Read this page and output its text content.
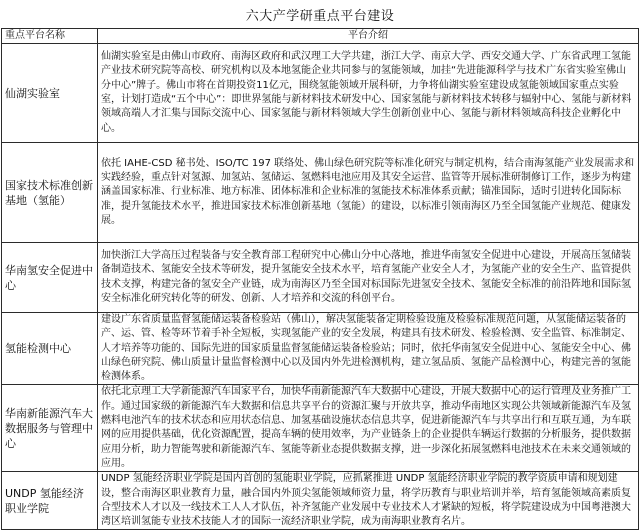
六大产学研重点平台建设
重点平台名称	平台介绍
仙湖实验室	仙湖实验室是由佛山市政府、南海区政府和武汉理工大学共建，浙江大学、南京大学、西安交通大学、广东省武理工氢能产业技术研究院等高校、研究机构以及本地氢能企业共同参与的氢能领域，加挂“先进能源科学与技术广东省实验室佛山分中心”牌子。佛山市将在首期投资11亿元，围绕氢能领域开展科研，力争将仙湖实验室建设成氢能领域国家重点实验室，计划打造成“五个中心”：即世界氢能与新材料技术研发中心、国家氢能与新材料技术转移与辐射中心、氢能与新材料领域高端人才汇集与国际交流中心、国家氢能与新材料领域大学生创新创业中心、氢能与新材料领域高科技企业孵化中心。
国家技术标准创新基地（氢能）	依托 IAHE-CSD 秘书处、ISO/TC 197 联络处、佛山绿色研究院等标准化研究与制定机构，结合南海氢能产业发展需求和实践经验，重点针对氢源、加氢站、氢储运、氢燃料电池应用及其安全运营、监管等开展标准研制修订工作，逐步为构建涵盖国家标准、行业标准、地方标准、团体标准和企业标准的氢能技术标准体系贡献；锚准国际，适时引进转化国际标准，提升氢能技术水平，推进国家技术标准创新基地（氢能）的建设，以标准引领南海区乃至全国氢能产业规范、健康发展。
华南氢安全促进中心	加快浙江大学高压过程装备与安全教育部工程研究中心佛山分中心落地，推进华南氢安全促进中心建设，开展高压氢储装备制造技术、氢能安全技术等研发，提升氢能安全技术水平，培育氢能产业安全人才，为氢能产业的安全生产、监管提供技术支撑，构建完备的氢安全产业链，成为南海区乃至全国对标国际先进氢安全技术、氢能安全标准的前沿阵地和国际氢安全标准化研究转化等的研发、创新、人才培养和交流的科创平台。
氢能检测中心	建设广东省质量监督氢能储运装备检验站（佛山），解决氢能装备定期检验设施及检验标准规范问题，从氢能储运装备的产、运、管、检等环节着手补全短板，实现氢能产业的安全发展，构建具有技术研发、检验检测、安全监管、标准制定、人才培养等功能的、国际先进的国家质量监督氢能储运装备检验站；同时，依托华南氢安全促进中心、氢能安全中心、佛山绿色研究院、佛山质量计量监督检测中心以及国内外先进检测机构，建立氢品质、氢能产品检测中心，构建完善的氢能检测体系。
华南新能源汽车大数据服务与管理中心	依托北京理工大学新能源汽车国家平台，加快华南新能源汽车大数据中心建设，开展大数据中心的运行管理及业务推广工作。通过国家级的新能源汽车大数据和信息共享平台的资源汇聚与开放共享，推动华南地区实现公共领域新能源汽车及氢燃料电池汽车的技术状态和应用状态信息、加氢基础设施状态信息共享，促进新能源汽车与共享出行和互联互通，为车联网的应用提供基础，优化资源配置，提高车辆的使用效率，为产业链条上的企业提供车辆运行数据的分析服务，提供数据应用分析，助力智能驾驶和新能源汽车、氢能等新业态提供数据支撑，进一步深化拓展氢燃料电池技术在未来交通领域的应用。
UNDP 氢能经济职业学院	UNDP 氢能经济职业学院是国内首创的氢能职业学院，应抓紧推进 UNDP 氢能经济职业学院的教学资质申请和规划建设，整合南海区职业教育力量，融合国内外顶尖氢能领域师资力量，将学历教育与职业培训并举，培育氢能领域高素质复合型技术人才以及一线技术工人人才队伍，补齐氢能产业发展中专业技术人才紧缺的短板，将学院建设成为中国粤港澳大湾区培训氢能专业技术技能人才的国际一流经济职业学院，成为南海职业教育名片。
